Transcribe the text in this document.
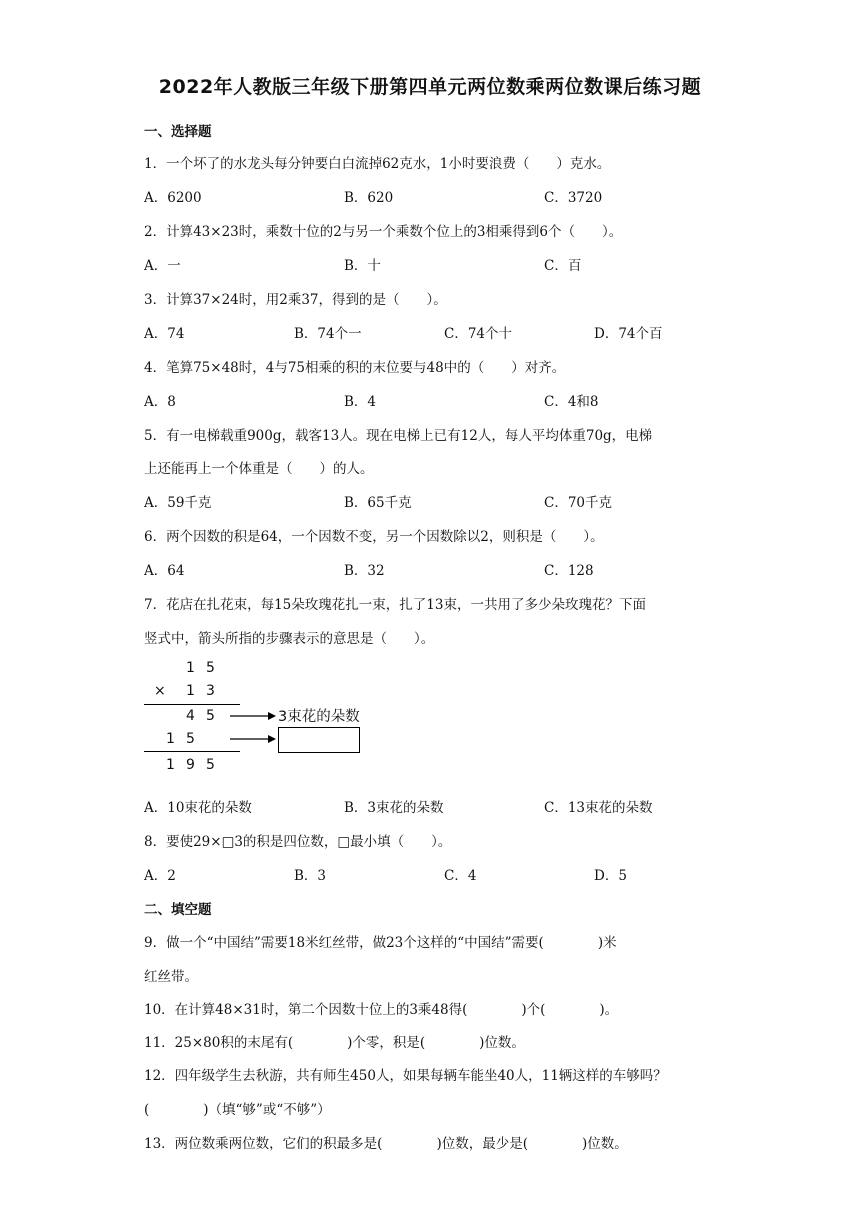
2022年人教版三年级下册第四单元两位数乘两位数课后练习题
一、选择题
1．一个坏了的水龙头每分钟要白白流掉62克水，1小时要浪费（　　）克水。
A．6200	B．620	C．3720
2．计算43×23时，乘数十位的2与另一个乘数个位上的3相乘得到6个（　　）。
A．一	B．十	C．百
3．计算37×24时，用2乘37，得到的是（　　）。
A．74	B．74个一	C．74个十	D．74个百
4．笔算75×48时，4与75相乘的积的末位要与48中的（　　）对齐。
A．8	B．4	C．4和8
5．有一电梯载重900g，载客13人。现在电梯上已有12人，每人平均体重70g，电梯
上还能再上一个体重是（　　）的人。
A．59千克	B．65千克	C．70千克
6．两个因数的积是64，一个因数不变，另一个因数除以2，则积是（　　）。
A．64	B．32	C．128
7．花店在扎花束，每15朵玫瑰花扎一束，扎了13束，一共用了多少朵玫瑰花？下面
竖式中，箭头所指的步骤表示的意思是（　　）。
1 5
× 1 3
4 5
1 5
1 9 5
3束花的朵数
A．10束花的朵数	B．3束花的朵数	C．13束花的朵数
8．要使29×□3的积是四位数，□最小填（　　）。
A．2	B．3	C．4	D．5
二、填空题
9．做一个“中国结”需要18米红丝带，做23个这样的“中国结”需要(　　　　)米
红丝带。
10．在计算48×31时，第二个因数十位上的3乘48得(　　　　)个(　　　　)。
11．25×80积的末尾有(　　　　)个零，积是(　　　　)位数。
12．四年级学生去秋游，共有师生450人，如果每辆车能坐40人，11辆这样的车够吗？
(　　　　)（填“够”或“不够”）
13．两位数乘两位数，它们的积最多是(　　　　)位数，最少是(　　　　)位数。
